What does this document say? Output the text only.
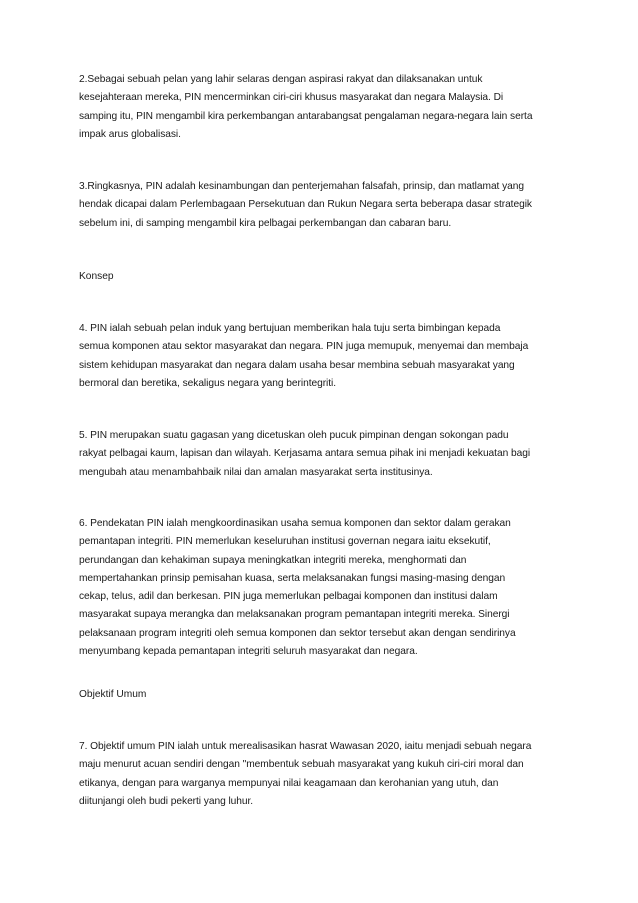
2.Sebagai sebuah pelan yang lahir selaras dengan aspirasi rakyat dan dilaksanakan untuk
kesejahteraan mereka, PIN mencerminkan ciri-ciri khusus masyarakat dan negara Malaysia. Di
samping itu, PIN mengambil kira perkembangan antarabangsat pengalaman negara-negara lain serta
impak arus globalisasi.
3.Ringkasnya, PIN adalah kesinambungan dan penterjemahan falsafah, prinsip, dan matlamat yang
hendak dicapai dalam Perlembagaan Persekutuan dan Rukun Negara serta beberapa dasar strategik
sebelum ini, di samping mengambil kira pelbagai perkembangan dan cabaran baru.
Konsep
4. PIN ialah sebuah pelan induk yang bertujuan memberikan hala tuju serta bimbingan kepada
semua komponen atau sektor masyarakat dan negara. PIN juga memupuk, menyemai dan membaja
sistem kehidupan masyarakat dan negara dalam usaha besar membina sebuah masyarakat yang
bermoral dan beretika, sekaligus negara yang berintegriti.
5. PIN merupakan suatu gagasan yang dicetuskan oleh pucuk pimpinan dengan sokongan padu
rakyat pelbagai kaum, lapisan dan wilayah. Kerjasama antara semua pihak ini menjadi kekuatan bagi
mengubah atau menambahbaik nilai dan amalan masyarakat serta institusinya.
6. Pendekatan PIN ialah mengkoordinasikan usaha semua komponen dan sektor dalam gerakan
pemantapan integriti. PIN memerlukan keseluruhan institusi governan negara iaitu eksekutif,
perundangan dan kehakiman supaya meningkatkan integriti mereka, menghormati dan
mempertahankan prinsip pemisahan kuasa, serta melaksanakan fungsi masing-masing dengan
cekap, telus, adil dan berkesan. PIN juga memerlukan pelbagai komponen dan institusi dalam
masyarakat supaya merangka dan melaksanakan program pemantapan integriti mereka. Sinergi
pelaksanaan program integriti oleh semua komponen dan sektor tersebut akan dengan sendirinya
menyumbang kepada pemantapan integriti seluruh masyarakat dan negara.
Objektif Umum
7. Objektif umum PIN ialah untuk merealisasikan hasrat Wawasan 2020, iaitu menjadi sebuah negara
maju menurut acuan sendiri dengan "membentuk sebuah masyarakat yang kukuh ciri-ciri moral dan
etikanya, dengan para warganya mempunyai nilai keagamaan dan kerohanian yang utuh, dan
diitunjangi oleh budi pekerti yang luhur.
